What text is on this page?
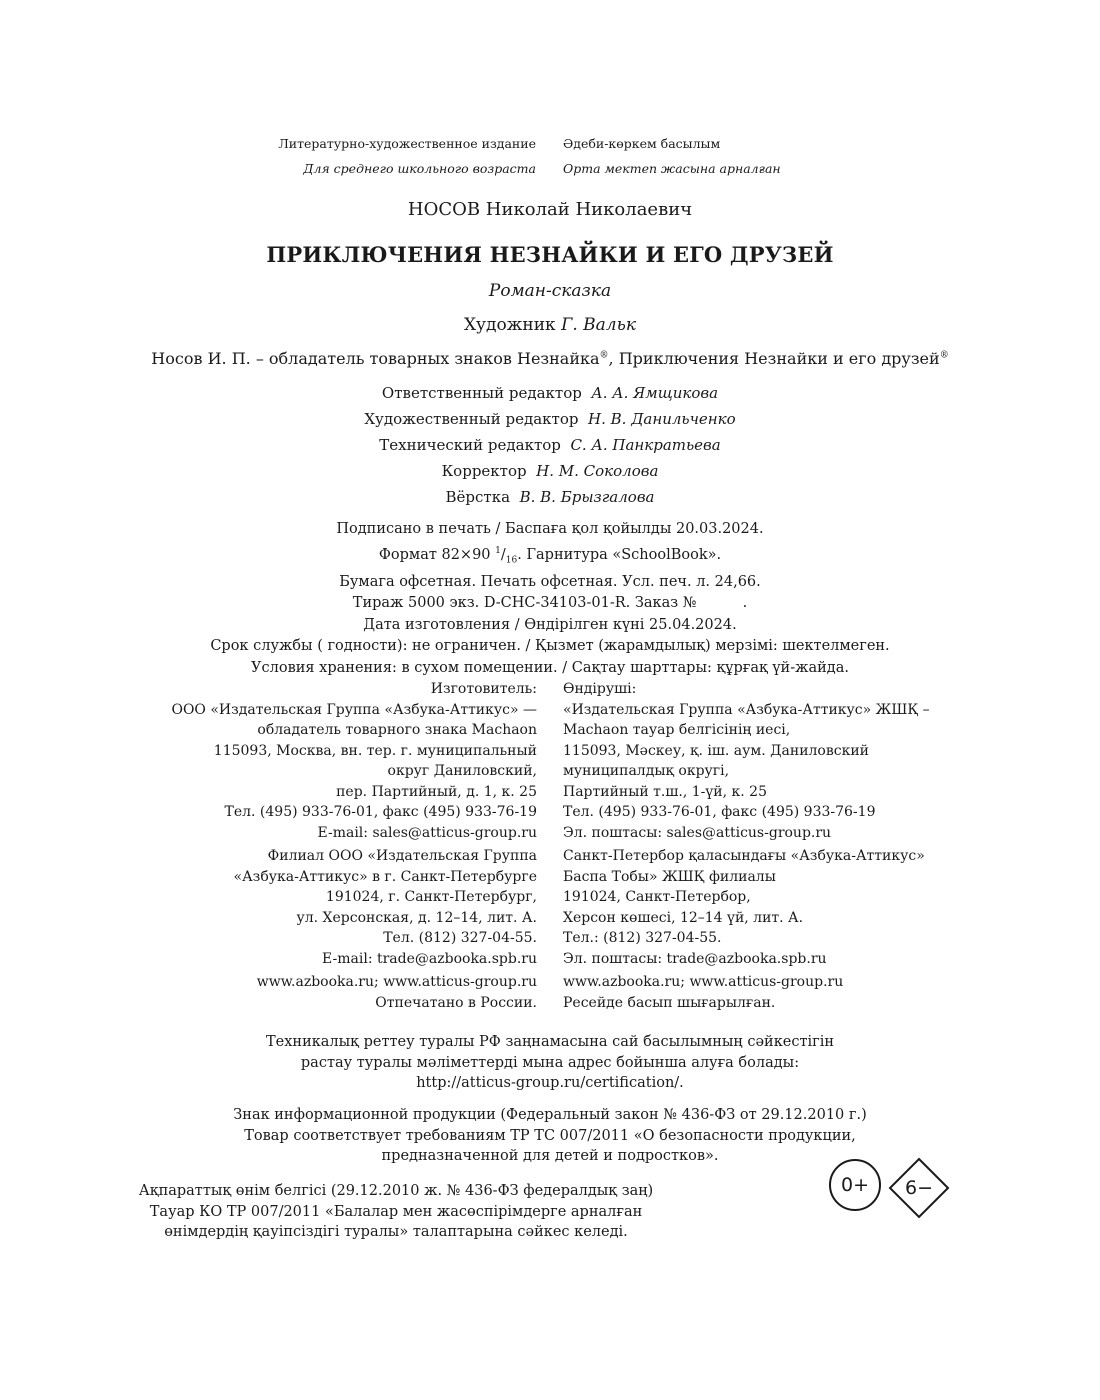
Литературно-художественное издание
Для среднего школьного возраста
Әдеби-көркем басылым
Орта мектеп жасына арналған
НОСОВ Николай Николаевич
ПРИКЛЮЧЕНИЯ НЕЗНАЙКИ И ЕГО ДРУЗЕЙ
Роман-сказка
Художник Г. Вальк
Носов И. П. – обладатель товарных знаков Незнайка®, Приключения Незнайки и его друзей®
Ответственный редактор А. А. Ямщикова
Художественный редактор Н. В. Данильченко
Технический редактор С. А. Панкратьева
Корректор Н. М. Соколова
Вёрстка В. В. Брызгалова
Подписано в печать / Баспаға қол қойылды 20.03.2024.
Формат 82×90 $^1/_{16}$. Гарнитура «SchoolBook».
Бумага офсетная. Печать офсетная. Усл. печ. л. 24,66.
Тираж 5000 экз. D-CHC-34103-01-R. Заказ №          .
Дата изготовления / Өндірілген күні 25.04.2024.
Срок службы ( годности): не ограничен. / Қызмет (жарамдылық) мерзімі: шектелмеген.
Условия хранения: в сухом помещении. / Сақтау шарттары: құрғақ үй-жайда.
Изготовитель:
ООО «Издательская Группа «Азбука-Аттикус» —
обладатель товарного знака Machaon
115093, Москва, вн. тер. г. муниципальный
округ Даниловский,
пер. Партийный, д. 1, к. 25
Тел. (495) 933-76-01, факс (495) 933-76-19
E-mail: sales@atticus-group.ru
Өндіруші:
«Издательская Группа «Азбука-Аттикус» ЖШҚ –
Machaon тауар белгісінің иесі,
115093, Мәскеу, қ. іш. аум. Даниловский
муниципалдық округі,
Партийный т.ш., 1-үй, к. 25
Тел. (495) 933-76-01, факс (495) 933-76-19
Эл. поштасы: sales@atticus-group.ru
Филиал ООО «Издательская Группа
«Азбука-Аттикус» в г. Санкт-Петербурге
191024, г. Санкт-Петербург,
ул. Херсонская, д. 12–14, лит. А.
Тел. (812) 327-04-55.
E-mail: trade@azbooka.spb.ru
Санкт-Петербор қаласындағы «Азбука-Аттикус»
Баспа Тобы» ЖШҚ филиалы
191024, Санкт-Петербор,
Херсон көшесі, 12–14 үй, лит. А.
Тел.: (812) 327-04-55.
Эл. поштасы: trade@azbooka.spb.ru
www.azbooka.ru; www.atticus-group.ru
Отпечатано в России.
www.azbooka.ru; www.atticus-group.ru
Ресейде басып шығарылған.
Техникалық реттеу туралы РФ заңнамасына сай басылымның сәйкестігін
растау туралы мәліметтерді мына адрес бойынша алуға болады:
http://atticus-group.ru/certification/.
Знак информационной продукции (Федеральный закон № 436-ФЗ от 29.12.2010 г.)
Товар соответствует требованиям ТР ТС 007/2011 «О безопасности продукции,
предназначенной для детей и подростков».
Ақпараттық өнім белгісі (29.12.2010 ж. № 436-ФЗ федералдық заң)
Тауар КО ТР 007/2011 «Балалар мен жасөспірімдерге арналған
өнімдердің қауіпсіздігі туралы» талаптарына сәйкес келеді.
0+	6−
